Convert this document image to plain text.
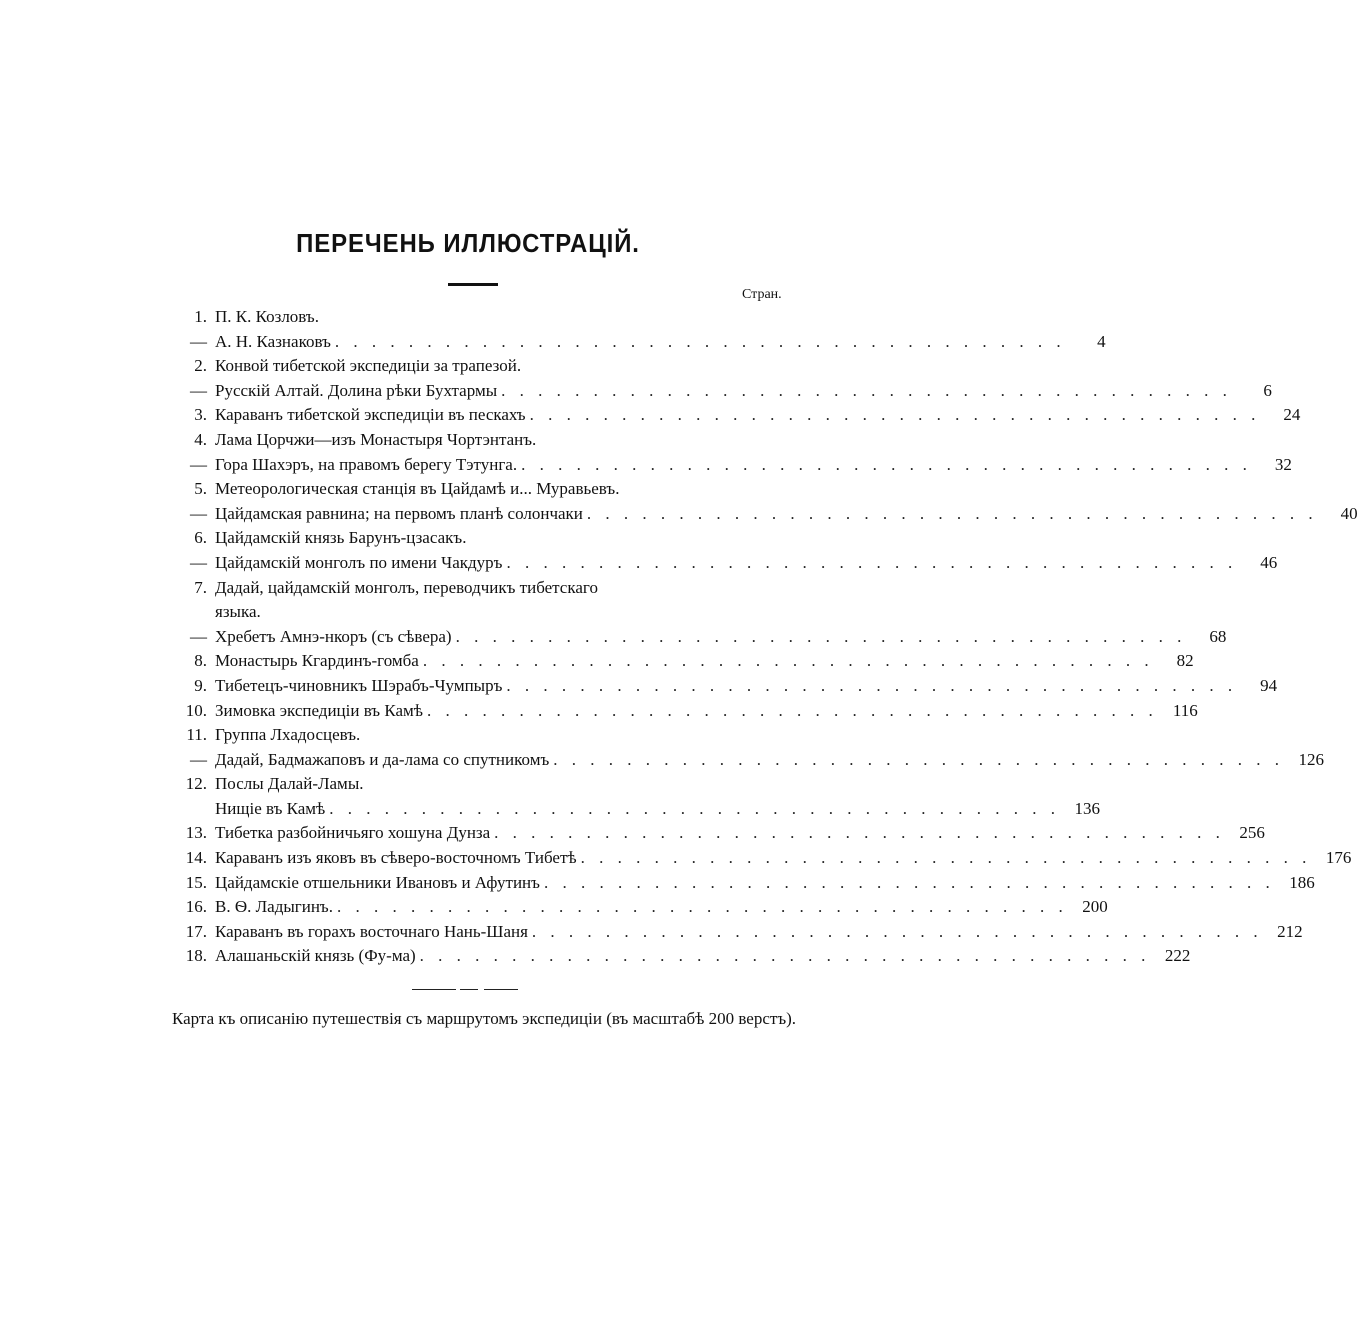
ПЕРЕЧЕНЬ ИЛЛЮСТРАЦІЙ.
Стран.
1. П. К. Козловъ.
— А. Н. Казнаковъ . . . . . . . . . . . . . . . . . . . . . . . . . . . . . . . . . . . . . . . .	4
2. Конвой тибетской экспедиціи за трапезой.
— Русскій Алтай. Долина рѣки Бухтармы . . . . . . . . . . . . . . . . . . . . . . . . . . . . . . . . . . . . . . . .	6
3. Караванъ тибетской экспедиціи въ пескахъ . . . . . . . . . . . . . . . . . . . . . . . . . . . . . . . . . . . . . . . .	24
4. Лама Цорчжи—изъ Монастыря Чортэнтанъ.
— Гора Шахэръ, на правомъ берегу Тэтунга. . . . . . . . . . . . . . . . . . . . . . . . . . . . . . . . . . . . . . . . .	32
5. Метеорологическая станція въ Цайдамѣ и... Муравьевъ.
— Цайдамская равнина; на первомъ планѣ солончаки . . . . . . . . . . . . . . . . . . . . . . . . . . . . . . . . . . . . . . . .	40
6. Цайдамскій князь Барунъ-цзасакъ.
— Цайдамскій монголъ по имени Чакдуръ . . . . . . . . . . . . . . . . . . . . . . . . . . . . . . . . . . . . . . . .	46
7. Дадай, цайдамскій монголъ, переводчикъ тибетскаго
языка.
— Хребетъ Амнэ-нкоръ (съ сѣвера) . . . . . . . . . . . . . . . . . . . . . . . . . . . . . . . . . . . . . . . .	68
8. Монастырь Кгардинъ-гомба . . . . . . . . . . . . . . . . . . . . . . . . . . . . . . . . . . . . . . . .	82
9. Тибетецъ-чиновникъ Шэрабъ-Чумпыръ . . . . . . . . . . . . . . . . . . . . . . . . . . . . . . . . . . . . . . . .	94
10. Зимовка экспедиціи въ Камѣ . . . . . . . . . . . . . . . . . . . . . . . . . . . . . . . . . . . . . . . . 116
11. Группа Лхадосцевъ.
— Дадай, Бадмажаповъ и да-лама со спутникомъ . . . . . . . . . . . . . . . . . . . . . . . . . . . . . . . . . . . . . . . . 126
12. Послы Далай-Ламы.
Нищіе въ Камѣ . . . . . . . . . . . . . . . . . . . . . . . . . . . . . . . . . . . . . . . . 136
13. Тибетка разбойничьяго хошуна Дунза . . . . . . . . . . . . . . . . . . . . . . . . . . . . . . . . . . . . . . . . 256
14. Караванъ изъ яковъ въ сѣверо-восточномъ Тибетѣ . . . . . . . . . . . . . . . . . . . . . . . . . . . . . . . . . . . . . . . . 176
15. Цайдамскіе отшельники Ивановъ и Афутинъ . . . . . . . . . . . . . . . . . . . . . . . . . . . . . . . . . . . . . . . . 186
16. В. Ѳ. Ладыгинъ. . . . . . . . . . . . . . . . . . . . . . . . . . . . . . . . . . . . . . . . . 200
17. Караванъ въ горахъ восточнаго Нань-Шаня . . . . . . . . . . . . . . . . . . . . . . . . . . . . . . . . . . . . . . . . 212
18. Алашаньскій князь (Фу-ма) . . . . . . . . . . . . . . . . . . . . . . . . . . . . . . . . . . . . . . . . 222
Карта къ описанію путешествія съ маршрутомъ экспедиціи (въ масштабѣ 200 верстъ).
